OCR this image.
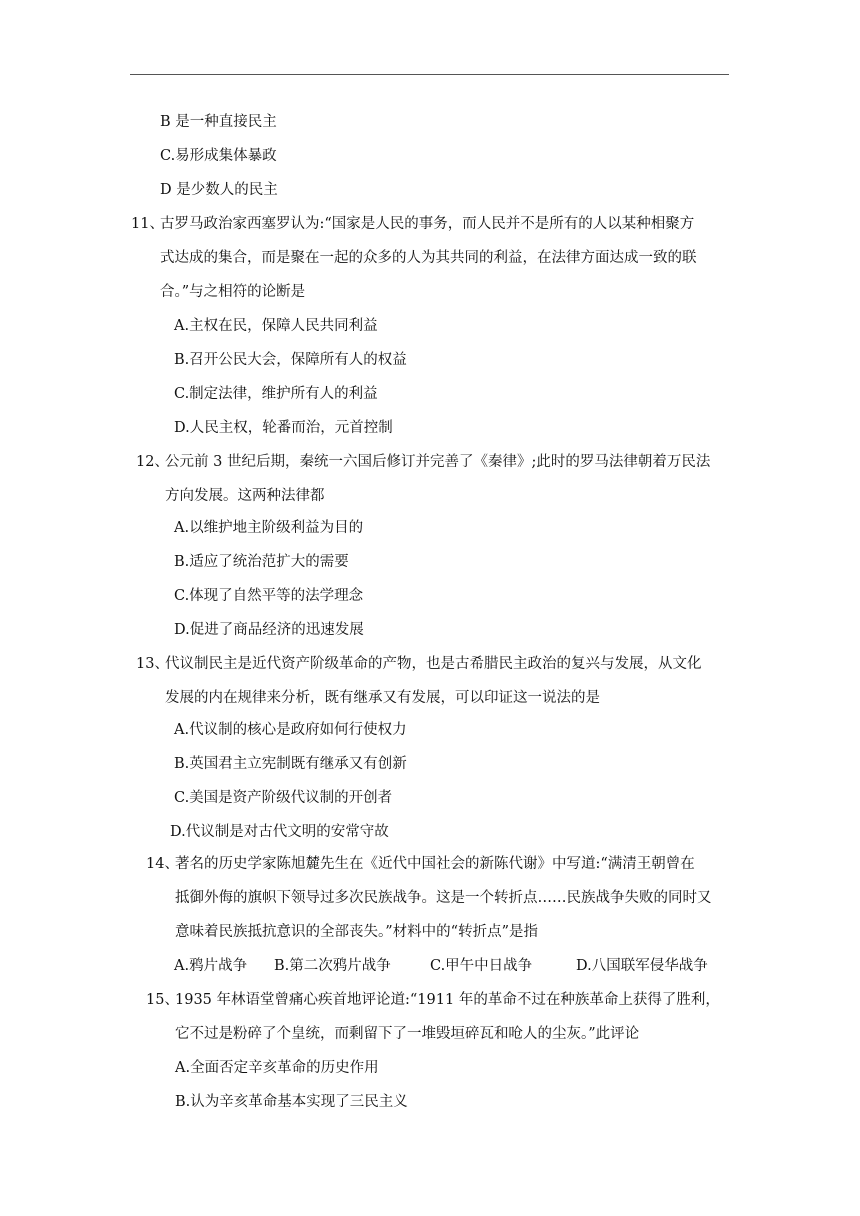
B 是一种直接民主
C.易形成集体暴政
D 是少数人的民主
11、
古罗马政治家西塞罗认为:“国家是人民的事务，而人民并不是所有的人以某种相聚方
式达成的集合，而是聚在一起的众多的人为其共同的利益，在法律方面达成一致的联
合。”与之相符的论断是
A.主权在民，保障人民共同利益
B.召开公民大会，保障所有人的权益
C.制定法律，维护所有人的利益
D.人民主权，轮番而治，元首控制
12、
公元前 3 世纪后期，秦统一六国后修订并完善了《秦律》;此时的罗马法律朝着万民法
方向发展。这两种法律都
A.以维护地主阶级利益为目的
B.适应了统治范扩大的需要
C.体现了自然平等的法学理念
D.促进了商品经济的迅速发展
13、
代议制民主是近代资产阶级革命的产物，也是古希腊民主政治的复兴与发展，从文化
发展的内在规律来分析，既有继承又有发展，可以印证这一说法的是
A.代议制的核心是政府如何行使权力
B.英国君主立宪制既有继承又有创新
C.美国是资产阶级代议制的开创者
D.代议制是对古代文明的安常守故
14、
著名的历史学家陈旭麓先生在《近代中国社会的新陈代谢》中写道:“满清王朝曾在
抵御外侮的旗帜下领导过多次民族战争。这是一个转折点……民族战争失败的同时又
意味着民族抵抗意识的全部丧失。”材料中的“转折点”是指
A.鸦片战争 B.第二次鸦片战争	C.甲午中日战争	D.八国联军侵华战争
15、
1935 年林语堂曾痛心疾首地评论道:“1911 年的革命不过在种族革命上获得了胜利，
它不过是粉碎了个皇统，而剩留下了一堆毁垣碎瓦和呛人的尘灰。”此评论
A.全面否定辛亥革命的历史作用
B.认为辛亥革命基本实现了三民主义
